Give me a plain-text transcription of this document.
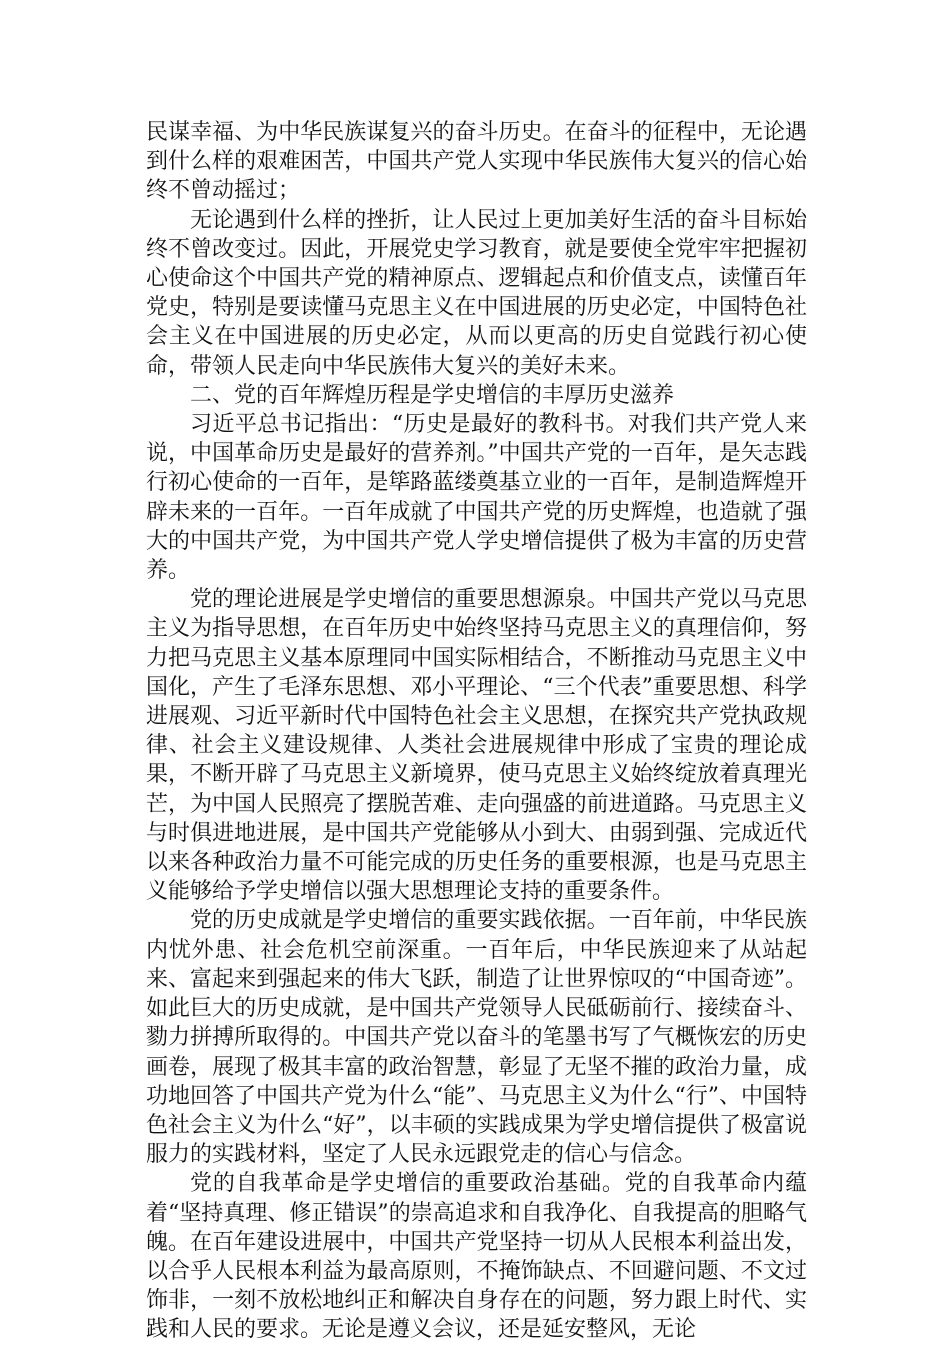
民谋幸福、为中华民族谋复兴的奋斗历史。在奋斗的征程中，无论遇到什么样的艰难困苦，中国共产党人实现中华民族伟大复兴的信心始终不曾动摇过；

无论遇到什么样的挫折，让人民过上更加美好生活的奋斗目标始终不曾改变过。因此，开展党史学习教育，就是要使全党牢牢把握初心使命这个中国共产党的精神原点、逻辑起点和价值支点，读懂百年党史，特别是要读懂马克思主义在中国进展的历史必定，中国特色社会主义在中国进展的历史必定，从而以更高的历史自觉践行初心使命，带领人民走向中华民族伟大复兴的美好未来。

二、党的百年辉煌历程是学史增信的丰厚历史滋养

习近平总书记指出：“历史是最好的教科书。对我们共产党人来说，中国革命历史是最好的营养剂。”中国共产党的一百年，是矢志践行初心使命的一百年，是筚路蓝缕奠基立业的一百年，是制造辉煌开辟未来的一百年。一百年成就了中国共产党的历史辉煌，也造就了强大的中国共产党，为中国共产党人学史增信提供了极为丰富的历史营养。

党的理论进展是学史增信的重要思想源泉。中国共产党以马克思主义为指导思想，在百年历史中始终坚持马克思主义的真理信仰，努力把马克思主义基本原理同中国实际相结合，不断推动马克思主义中国化，产生了毛泽东思想、邓小平理论、“三个代表”重要思想、科学进展观、习近平新时代中国特色社会主义思想，在探究共产党执政规律、社会主义建设规律、人类社会进展规律中形成了宝贵的理论成果，不断开辟了马克思主义新境界，使马克思主义始终绽放着真理光芒，为中国人民照亮了摆脱苦难、走向强盛的前进道路。马克思主义与时俱进地进展，是中国共产党能够从小到大、由弱到强、完成近代以来各种政治力量不可能完成的历史任务的重要根源，也是马克思主义能够给予学史增信以强大思想理论支持的重要条件。

党的历史成就是学史增信的重要实践依据。一百年前，中华民族内忧外患、社会危机空前深重。一百年后，中华民族迎来了从站起来、富起来到强起来的伟大飞跃，制造了让世界惊叹的“中国奇迹”。如此巨大的历史成就，是中国共产党领导人民砥砺前行、接续奋斗、勠力拼搏所取得的。中国共产党以奋斗的笔墨书写了气概恢宏的历史画卷，展现了极其丰富的政治智慧，彰显了无坚不摧的政治力量，成功地回答了中国共产党为什么“能”、马克思主义为什么“行”、中国特色社会主义为什么“好”，以丰硕的实践成果为学史增信提供了极富说服力的实践材料，坚定了人民永远跟党走的信心与信念。

党的自我革命是学史增信的重要政治基础。党的自我革命内蕴着“坚持真理、修正错误”的崇高追求和自我净化、自我提高的胆略气魄。在百年建设进展中，中国共产党坚持一切从人民根本利益出发，以合乎人民根本利益为最高原则，不掩饰缺点、不回避问题、不文过饰非，一刻不放松地纠正和解决自身存在的问题，努力跟上时代、实践和人民的要求。无论是遵义会议，还是延安整风，无论
